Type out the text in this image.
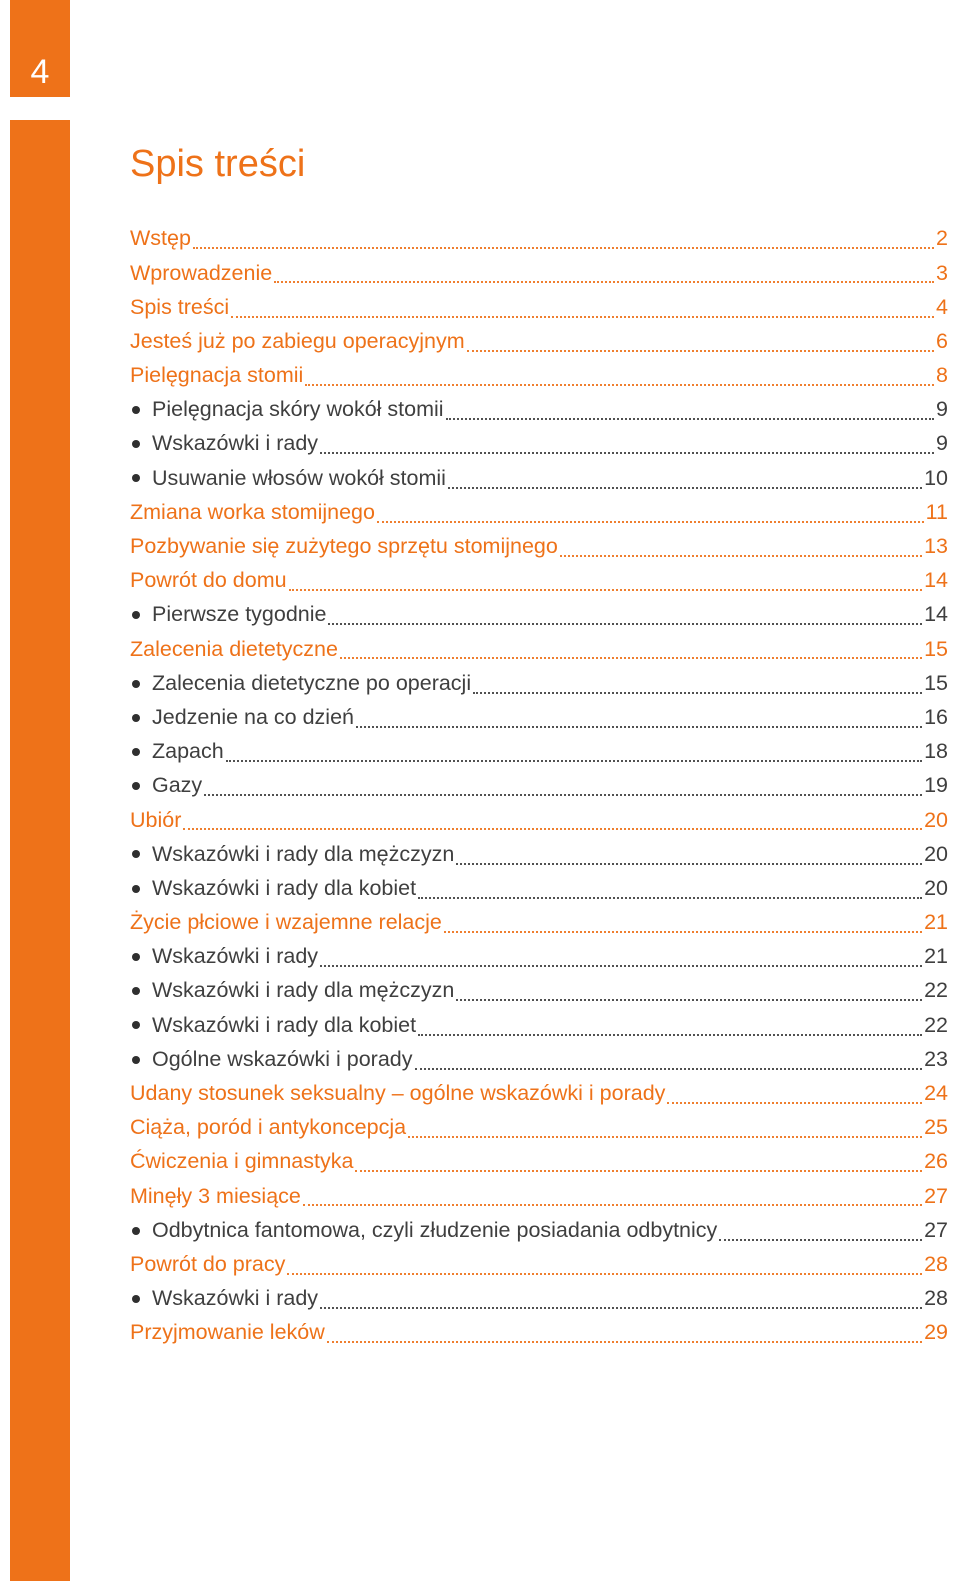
4
Spis treści
Wstęp	2
Wprowadzenie	3
Spis treści	4
Jesteś już po zabiegu operacyjnym	6
Pielęgnacja stomii	8
Pielęgnacja skóry wokół stomii	9
Wskazówki i rady	9
Usuwanie włosów wokół stomii	10
Zmiana worka stomijnego	11
Pozbywanie się zużytego sprzętu stomijnego	13
Powrót do domu	14
Pierwsze tygodnie	14
Zalecenia dietetyczne	15
Zalecenia dietetyczne po operacji	15
Jedzenie na co dzień	16
Zapach	18
Gazy	19
Ubiór	20
Wskazówki i rady dla mężczyzn	20
Wskazówki i rady dla kobiet	20
Życie płciowe i wzajemne relacje	21
Wskazówki i rady	21
Wskazówki i rady dla mężczyzn	22
Wskazówki i rady dla kobiet	22
Ogólne wskazówki i porady	23
Udany stosunek seksualny – ogólne wskazówki i porady	24
Ciąża, poród i antykoncepcja	25
Ćwiczenia i gimnastyka	26
Minęły 3 miesiące	27
Odbytnica fantomowa, czyli złudzenie posiadania odbytnicy	27
Powrót do pracy	28
Wskazówki i rady	28
Przyjmowanie leków	29
